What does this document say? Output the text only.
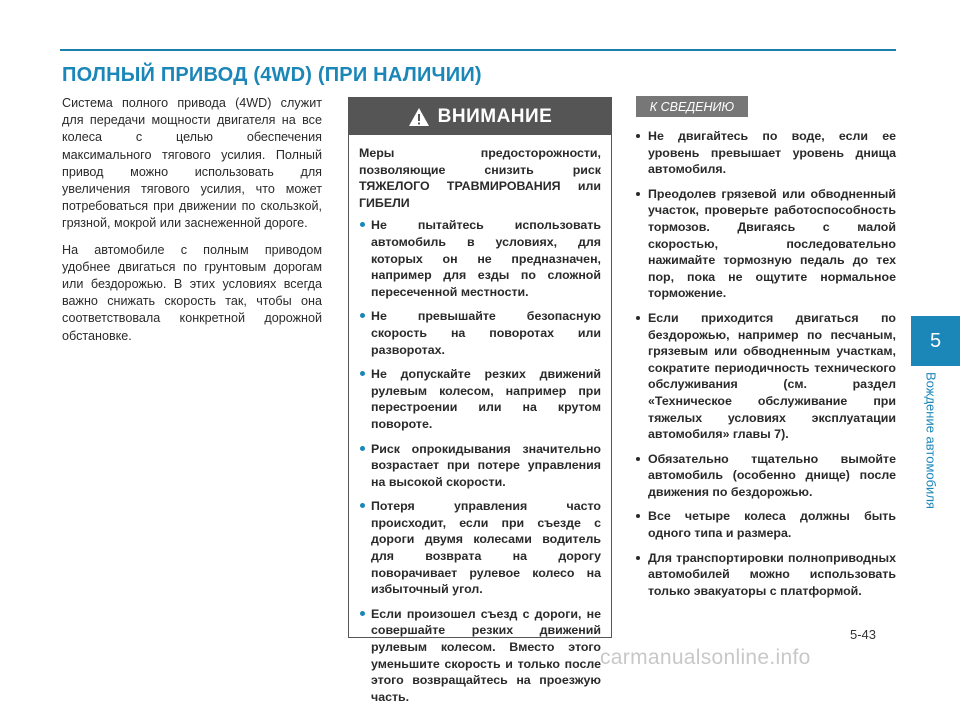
ПОЛНЫЙ ПРИВОД (4WD) (ПРИ НАЛИЧИИ)

Система полного привода (4WD) служит для передачи мощности двигателя на все колеса с целью обеспечения максимального тягового усилия. Полный привод можно использовать для увеличения тягового усилия, что может потребоваться при движении по скользкой, грязной, мокрой или заснеженной дороге.

На автомобиле с полным приводом удобнее двигаться по грунтовым дорогам или бездорожью. В этих условиях всегда важно снижать скорость так, чтобы она соответствовала конкретной дорожной обстановке.

ВНИМАНИЕ

Меры предосторожности, позволяющие снизить риск ТЯЖЕЛОГО ТРАВМИРОВАНИЯ или ГИБЕЛИ

Не пытайтесь использовать автомобиль в условиях, для которых он не предназначен, например для езды по сложной пересеченной местности.
Не превышайте безопасную скорость на поворотах или разворотах.
Не допускайте резких движений рулевым колесом, например при перестроении или на крутом повороте.
Риск опрокидывания значительно возрастает при потере управления на высокой скорости.
Потеря управления часто происходит, если при съезде с дороги двумя колесами водитель для возврата на дорогу поворачивает рулевое колесо на избыточный угол.
Если произошел съезд с дороги, не совершайте резких движений рулевым колесом. Вместо этого уменьшите скорость и только после этого возвращайтесь на проезжую часть.
К СВЕДЕНИЮ
Не двигайтесь по воде, если ее уровень превышает уровень днища автомобиля.
Преодолев грязевой или обводненный участок, проверьте работоспособность тормозов. Двигаясь с малой скоростью, последовательно нажимайте тормозную педаль до тех пор, пока не ощутите нормальное торможение.
Если приходится двигаться по бездорожью, например по песчаным, грязевым или обводненным участкам, сократите периодичность технического обслуживания (см. раздел «Техническое обслуживание при тяжелых условиях эксплуатации автомобиля» главы 7).
Обязательно тщательно вымойте автомобиль (особенно днище) после движения по бездорожью.
Все четыре колеса должны быть одного типа и размера.
Для транспортировки полноприводных автомобилей можно использовать только эвакуаторы с платформой.
5
Вождение автомобиля
5-43
carmanualsonline.info
